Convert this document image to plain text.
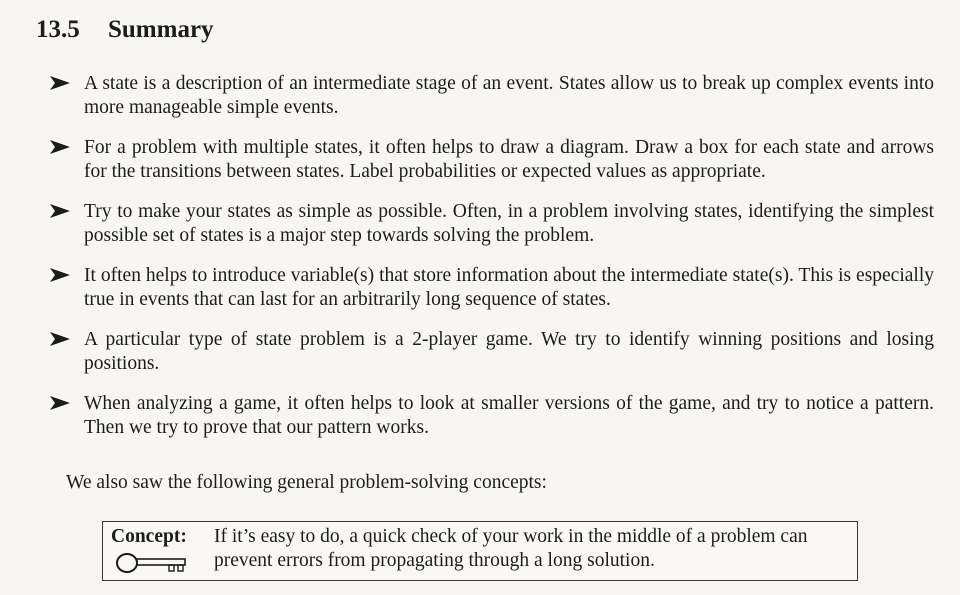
13.5 Summary
A state is a description of an intermediate stage of an event. States allow us to break up complex events into more manageable simple events.
For a problem with multiple states, it often helps to draw a diagram. Draw a box for each state and arrows for the transitions between states. Label probabilities or expected values as appropriate.
Try to make your states as simple as possible. Often, in a problem involving states, identifying the simplest possible set of states is a major step towards solving the problem.
It often helps to introduce variable(s) that store information about the intermediate state(s). This is especially true in events that can last for an arbitrarily long sequence of states.
A particular type of state problem is a 2-player game. We try to identify winning positions and losing positions.
When analyzing a game, it often helps to look at smaller versions of the game, and try to notice a pattern. Then we try to prove that our pattern works.
We also saw the following general problem-solving concepts:
Concept: If it’s easy to do, a quick check of your work in the middle of a problem can prevent errors from propagating through a long solution.
